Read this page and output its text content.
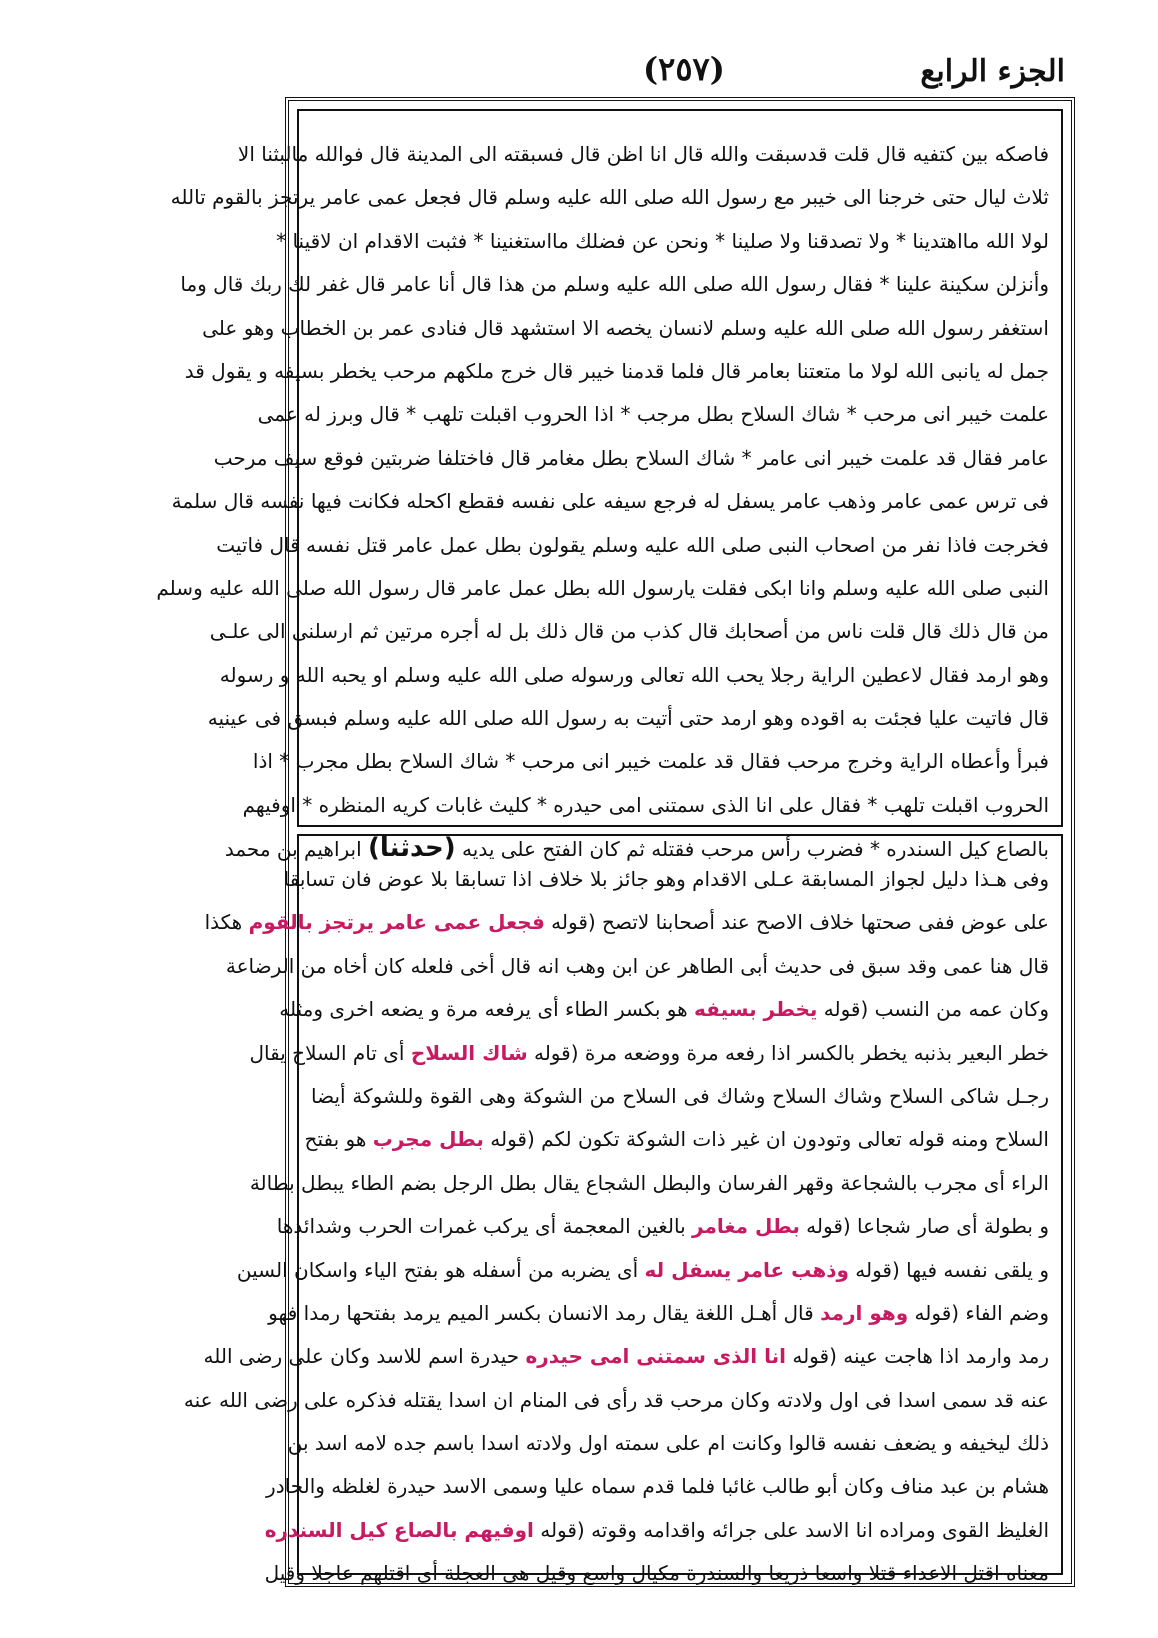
الجزء الرابع
(٢٥٧)
فاصكه بين كتفيه قال قلت قدسبقت والله قال انا اظن قال فسبقته الى المدينة قال فوالله مالبثنا الا
ثلاث ليال حتى خرجنا الى خيبر مع رسول الله صلى الله عليه وسلم قال فجعل عمى عامر يرتجز بالقوم تالله
لولا الله مااهتدينا * ولا تصدقنا ولا صلينا * ونحن عن فضلك مااستغنينا * فثبت الاقدام ان لاقينا *
وأنزلن سكينة علينا * فقال رسول الله صلى الله عليه وسلم من هذا قال أنا عامر قال غفر لك ربك قال وما
استغفر رسول الله صلى الله عليه وسلم لانسان يخصه الا استشهد قال فنادى عمر بن الخطاب وهو على
جمل له يانبى الله لولا ما متعتنا بعامر قال فلما قدمنا خيبر قال خرج ملكهم مرحب يخطر بسيفه و يقول قد
علمت خيبر انى مرحب * شاك السلاح بطل مرجب * اذا الحروب اقبلت تلهب * قال وبرز له عمى
عامر فقال قد علمت خيبر انى عامر * شاك السلاح بطل مغامر قال فاختلفا ضربتين فوقع سيف مرحب
فى ترس عمى عامر وذهب عامر يسفل له فرجع سيفه على نفسه فقطع اكحله فكانت فيها نفسه قال سلمة
فخرجت فاذا نفر من اصحاب النبى صلى الله عليه وسلم يقولون بطل عمل عامر قتل نفسه قال فاتيت
النبى صلى الله عليه وسلم وانا ابكى فقلت يارسول الله بطل عمل عامر قال رسول الله صلى الله عليه وسلم
من قال ذلك قال قلت ناس من أصحابك قال كذب من قال ذلك بل له أجره مرتين ثم ارسلنى الى علـى
وهو ارمد فقال لاعطين الراية رجلا يحب الله تعالى ورسوله صلى الله عليه وسلم او يحبه الله و رسوله
قال فاتيت عليا فجئت به اقوده وهو ارمد حتى أتيت به رسول الله صلى الله عليه وسلم فبسق فى عينيه
فبرأ وأعطاه الراية وخرج مرحب فقال قد علمت خيبر انى مرحب * شاك السلاح بطل مجرب * اذا
الحروب اقبلت تلهب * فقال على انا الذى سمتنى امى حيدره * كليث غابات كريه المنظره * اوفيهم
بالصاع كيل السندره * فضرب رأس مرحب فقتله ثم كان الفتح على يديه (حدثنا) ابراهيم بن محمد
وفى هـذا دليل لجواز المسابقة عـلى الاقدام وهو جائز بلا خلاف اذا تسابقا بلا عوض فان تسابقا
على عوض ففى صحتها خلاف الاصح عند أصحابنا لاتصح (قوله فجعل عمى عامر يرتجز بالقوم هكذا
قال هنا عمى وقد سبق فى حديث أبى الطاهر عن ابن وهب انه قال أخى فلعله كان أخاه من الرضاعة
وكان عمه من النسب (قوله يخطر بسيفه هو بكسر الطاء أى يرفعه مرة و يضعه اخرى ومثله
خطر البعير بذنبه يخطر بالكسر اذا رفعه مرة ووضعه مرة (قوله شاك السلاح أى تام السلاح يقال
رجـل شاكى السلاح وشاك السلاح وشاك فى السلاح من الشوكة وهى القوة وللشوكة أيضا
السلاح ومنه قوله تعالى وتودون ان غير ذات الشوكة تكون لكم (قوله بطل مجرب هو بفتح
الراء أى مجرب بالشجاعة وقهر الفرسان والبطل الشجاع يقال بطل الرجل بضم الطاء يبطل بطالة
و بطولة أى صار شجاعا (قوله بطل مغامر بالغين المعجمة أى يركب غمرات الحرب وشدائدها
و يلقى نفسه فيها (قوله وذهب عامر يسفل له أى يضربه من أسفله هو بفتح الياء واسكان السين
وضم الفاء (قوله وهو ارمد قال أهـل اللغة يقال رمد الانسان بكسر الميم يرمد بفتحها رمدا فهو
رمد وارمد اذا هاجت عينه (قوله انا الذى سمتنى امى حيدره حيدرة اسم للاسد وكان على رضى الله
عنه قد سمى اسدا فى اول ولادته وكان مرحب قد رأى فى المنام ان اسدا يقتله فذكره على رضى الله عنه
ذلك ليخيفه و يضعف نفسه قالوا وكانت ام على سمته اول ولادته اسدا باسم جده لامه اسد بن
هشام بن عبد مناف وكان أبو طالب غائبا فلما قدم سماه عليا وسمى الاسد حيدرة لغلظه والحادر
الغليظ القوى ومراده انا الاسد على جرائه واقدامه وقوته (قوله اوفيهم بالصاع كيل السندره
معناه اقتل الاعداء قتلا واسعا ذريعا والسندرة مكيال واسع وقيل هى العجلة أى اقتلهم عاجلا وقيل
